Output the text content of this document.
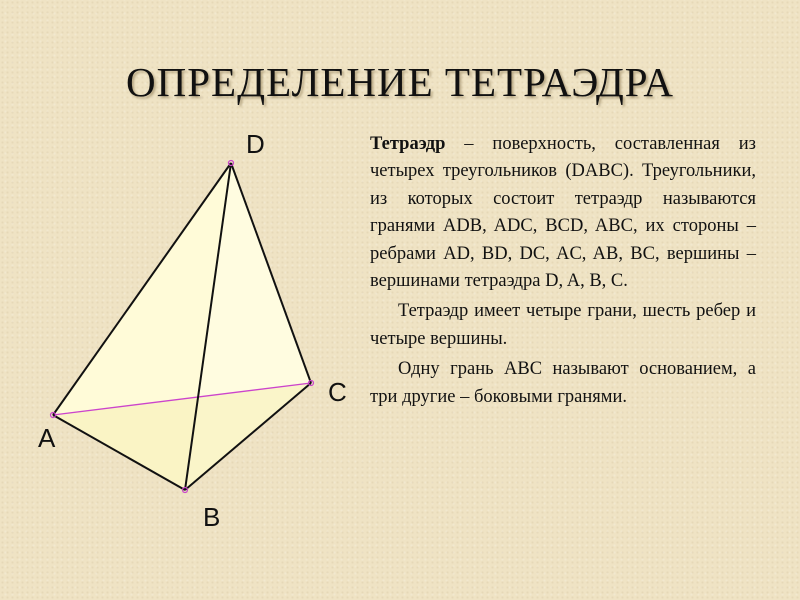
ОПРЕДЕЛЕНИЕ ТЕТРАЭДРА
D
A
B
C

Тетраэдр – поверхность, составленная из четырех треугольников (DABC). Треугольники, из которых состоит тетраэдр называются гранями ADB, ADC, BCD, ABC, их стороны – ребрами AD, BD, DC, AC, AB, BC, вершины – вершинами тетраэдра D, A, B, C.

Тетраэдр имеет четыре грани, шесть ребер и четыре вершины.

Одну грань ABC называют основанием, а три другие – боковыми гранями.
